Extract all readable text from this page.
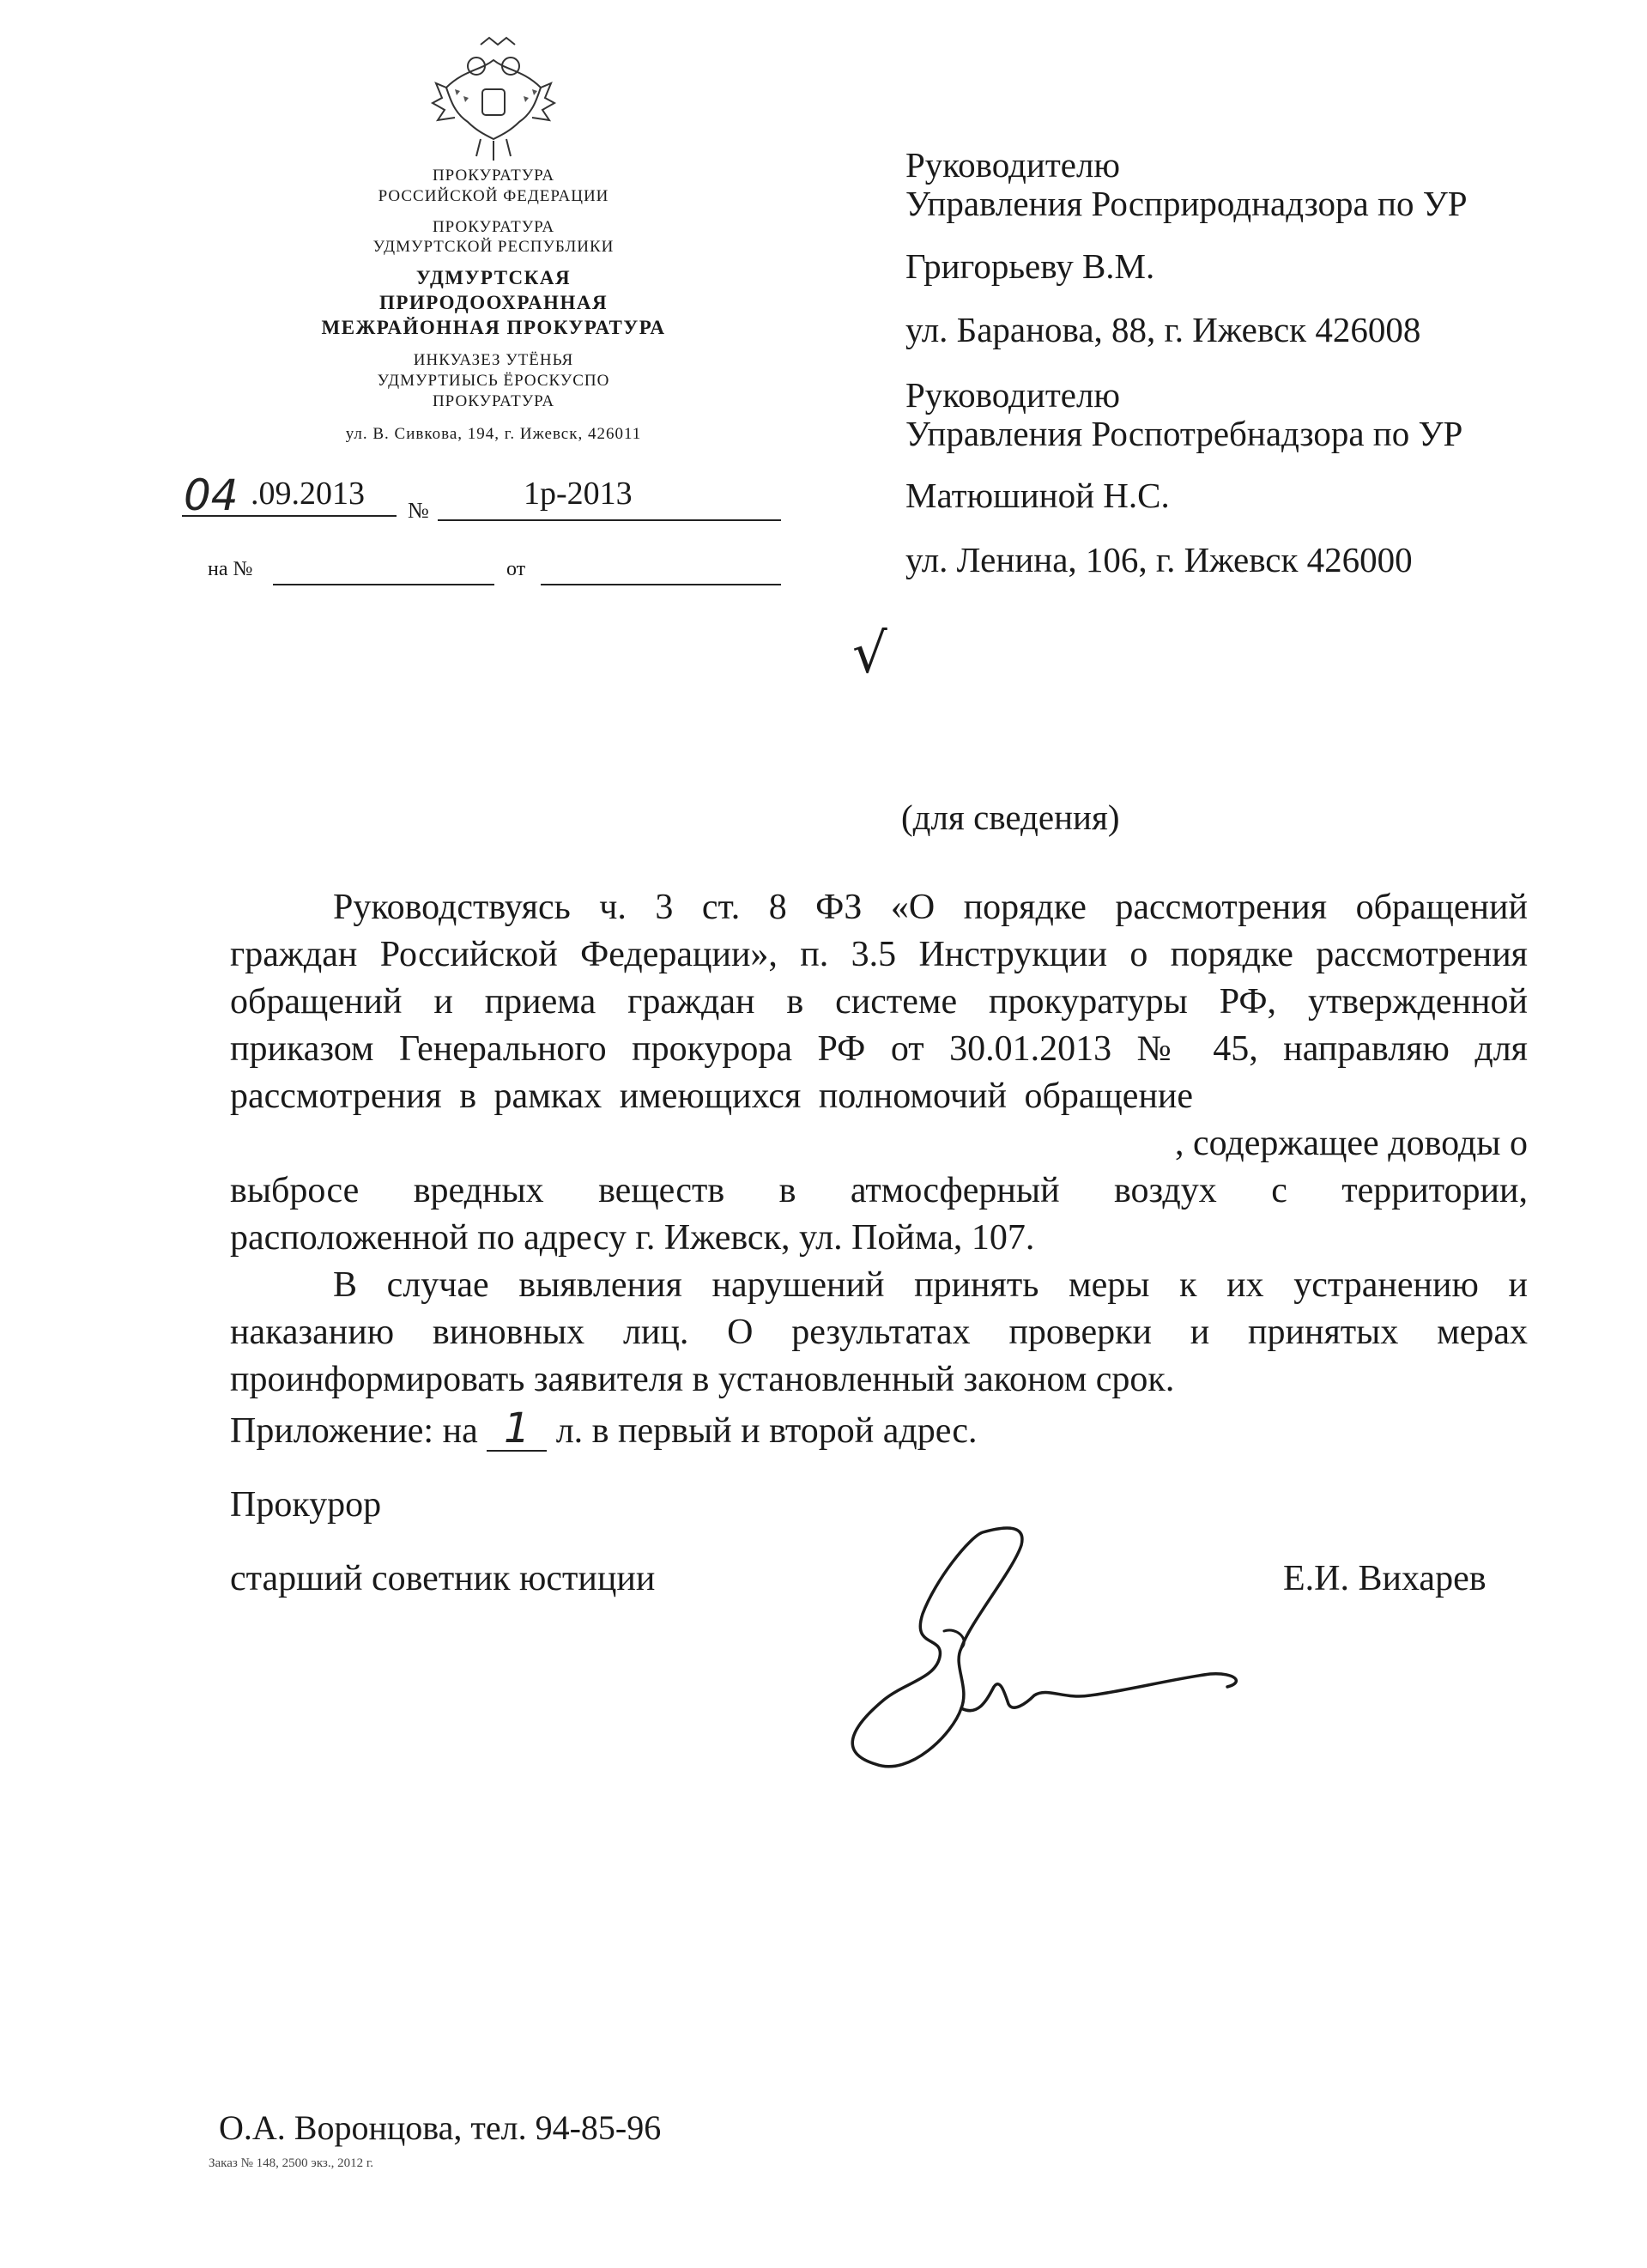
ПРОКУРАТУРА
РОССИЙСКОЙ ФЕДЕРАЦИИ
ПРОКУРАТУРА
УДМУРТСКОЙ РЕСПУБЛИКИ
УДМУРТСКАЯ
ПРИРОДООХРАННАЯ
МЕЖРАЙОННАЯ ПРОКУРАТУРА
ИНКУАЗЕЗ УТЁНЬЯ
УДМУРТИЫСЬ ЁРОСКУСПО
ПРОКУРАТУРА
ул. В. Сивкова, 194, г. Ижевск, 426011
04 .09.2013 №	1р-2013
на №	от
Руководителю
Управления Росприроднадзора по УР
Григорьеву В.М.
ул. Баранова, 88, г. Ижевск 426008
Руководителю
Управления Роспотребнадзора по УР
Матюшиной Н.С.
ул. Ленина, 106, г. Ижевск 426000
√
(для сведения)
Руководствуясь ч. 3 ст. 8 ФЗ «О порядке рассмотрения обращений
граждан Российской Федерации», п. 3.5 Инструкции о порядке рассмотрения
обращений и приема граждан в системе прокуратуры РФ, утвержденной
приказом Генерального прокурора РФ от 30.01.2013 № 45, направляю для
рассмотрения в рамках имеющихся полномочий обращение
, содержащее доводы о
выбросе вредных веществ в атмосферный воздух с территории,
расположенной по адресу г. Ижевск, ул. Пойма, 107.
В случае выявления нарушений принять меры к их устранению и
наказанию виновных лиц. О результатах проверки и принятых мерах
проинформировать заявителя в установленный законом срок.
Приложение: на 1 л. в первый и второй адрес.
Прокурор
старший советник юстиции	Е.И. Вихарев
О.А. Воронцова, тел. 94-85-96
Заказ № 148, 2500 экз., 2012 г.
